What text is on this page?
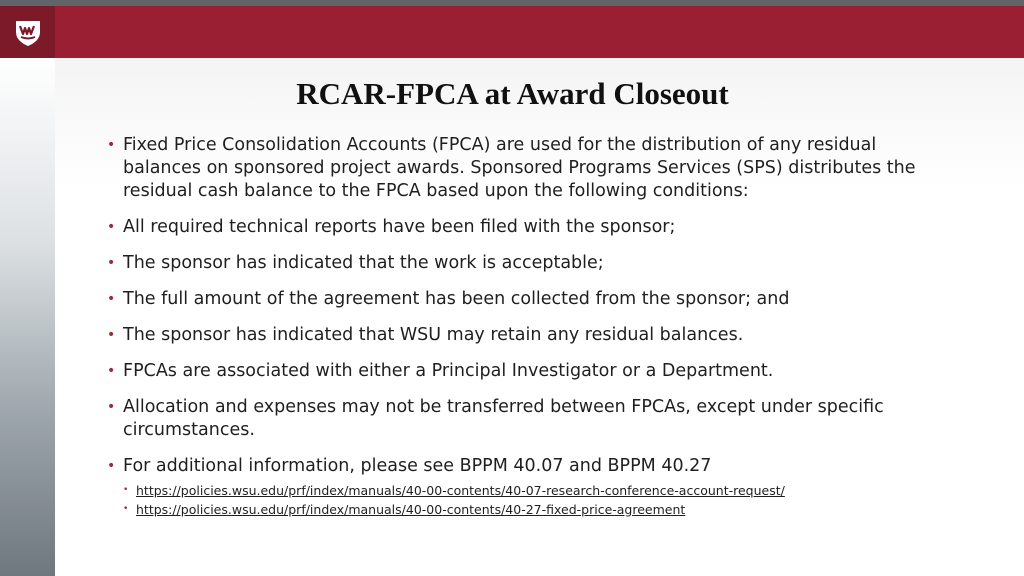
RCAR-FPCA at Award Closeout
• Fixed Price Consolidation Accounts (FPCA) are used for the distribution of any residual balances on sponsored project awards. Sponsored Programs Services (SPS) distributes the residual cash balance to the FPCA based upon the following conditions:
• All required technical reports have been filed with the sponsor;
• The sponsor has indicated that the work is acceptable;
• The full amount of the agreement has been collected from the sponsor; and
• The sponsor has indicated that WSU may retain any residual balances.
• FPCAs are associated with either a Principal Investigator or a Department.
• Allocation and expenses may not be transferred between FPCAs, except under specific circumstances.
• For additional information, please see BPPM 40.07 and BPPM 40.27
• https://policies.wsu.edu/prf/index/manuals/40-00-contents/40-07-research-conference-account-request/
• https://policies.wsu.edu/prf/index/manuals/40-00-contents/40-27-fixed-price-agreement
